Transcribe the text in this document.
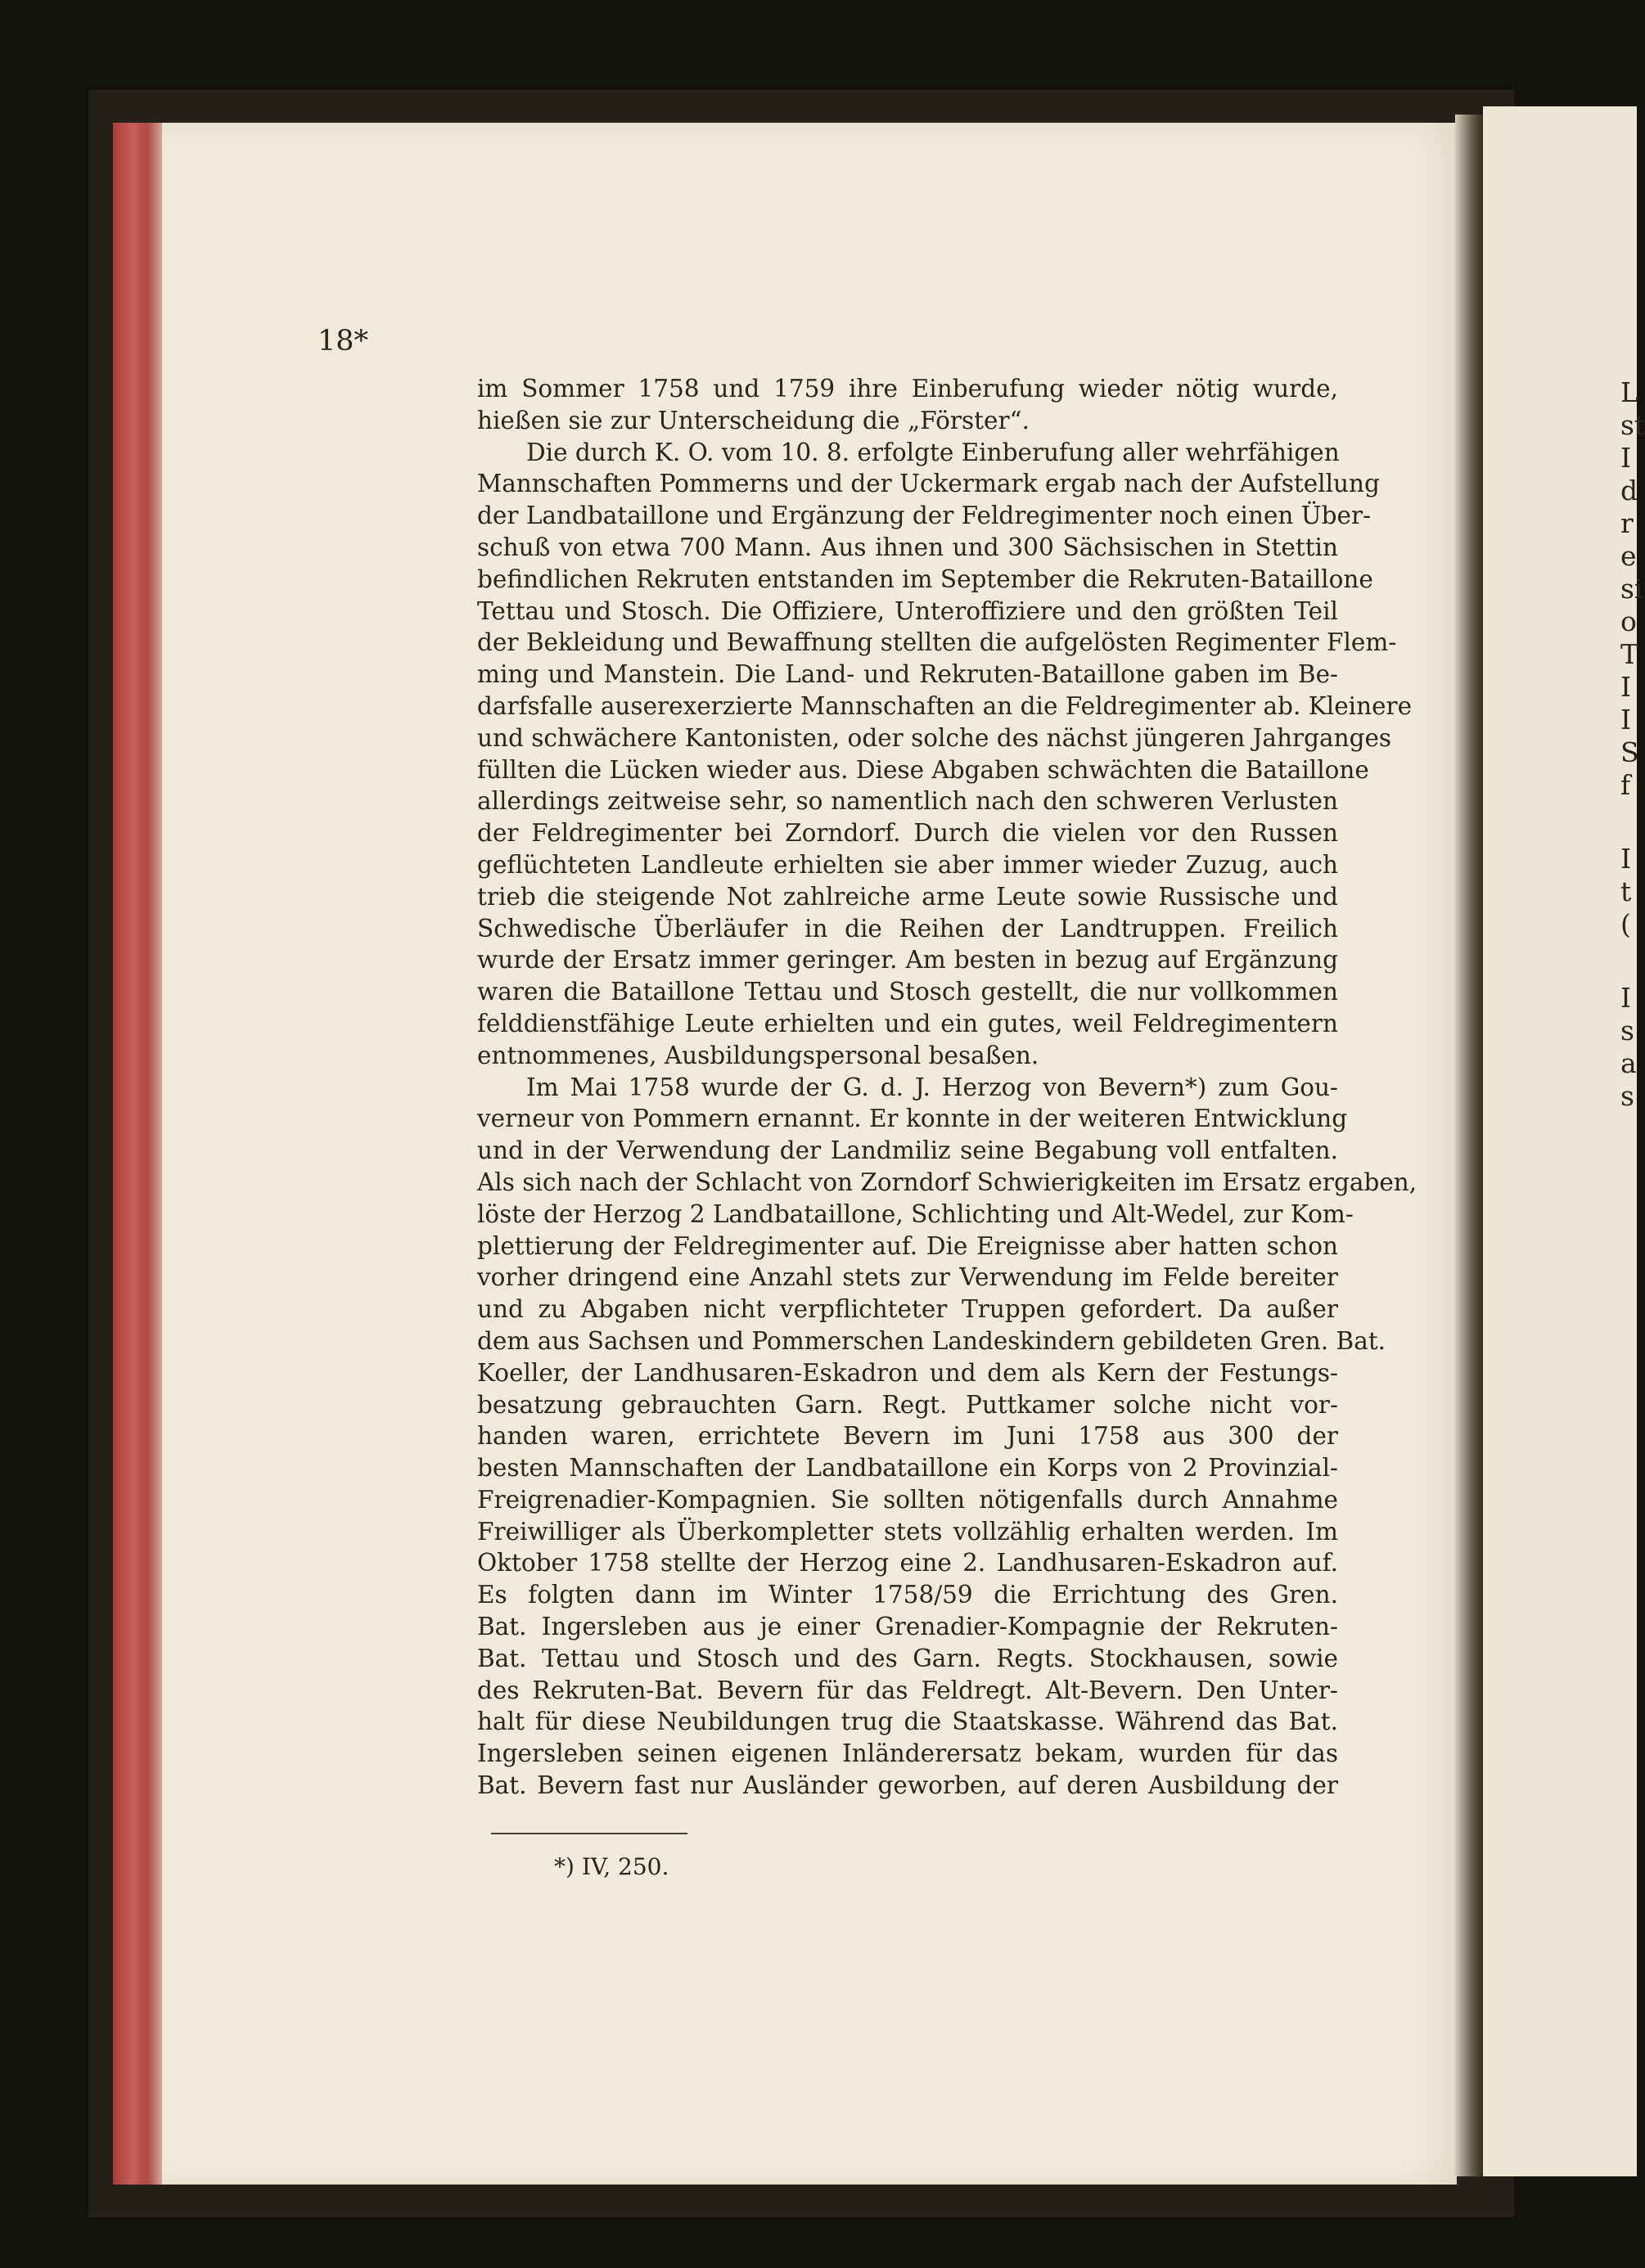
18*
im Sommer 1758 und 1759 ihre Einberufung wieder nötig wurde,
hießen sie zur Unterscheidung die „Förster“.
Die durch K. O. vom 10. 8. erfolgte Einberufung aller wehrfähigen
Mannschaften Pommerns und der Uckermark ergab nach der Aufstellung
der Landbataillone und Ergänzung der Feldregimenter noch einen Über-
schuß von etwa 700 Mann. Aus ihnen und 300 Sächsischen in Stettin
befindlichen Rekruten entstanden im September die Rekruten-Bataillone
Tettau und Stosch. Die Offiziere, Unteroffiziere und den größten Teil
der Bekleidung und Bewaffnung stellten die aufgelösten Regimenter Flem-
ming und Manstein. Die Land- und Rekruten-Bataillone gaben im Be-
darfsfalle auserexerzierte Mannschaften an die Feldregimenter ab. Kleinere
und schwächere Kantonisten, oder solche des nächst jüngeren Jahrganges
füllten die Lücken wieder aus. Diese Abgaben schwächten die Bataillone
allerdings zeitweise sehr, so namentlich nach den schweren Verlusten
der Feldregimenter bei Zorndorf. Durch die vielen vor den Russen
geflüchteten Landleute erhielten sie aber immer wieder Zuzug, auch
trieb die steigende Not zahlreiche arme Leute sowie Russische und
Schwedische Überläufer in die Reihen der Landtruppen. Freilich
wurde der Ersatz immer geringer. Am besten in bezug auf Ergänzung
waren die Bataillone Tettau und Stosch gestellt, die nur vollkommen
felddienstfähige Leute erhielten und ein gutes, weil Feldregimentern
entnommenes, Ausbildungspersonal besaßen.
Im Mai 1758 wurde der G. d. J. Herzog von Bevern*) zum Gou-
verneur von Pommern ernannt. Er konnte in der weiteren Entwicklung
und in der Verwendung der Landmiliz seine Begabung voll entfalten.
Als sich nach der Schlacht von Zorndorf Schwierigkeiten im Ersatz ergaben,
löste der Herzog 2 Landbataillone, Schlichting und Alt-Wedel, zur Kom-
plettierung der Feldregimenter auf. Die Ereignisse aber hatten schon
vorher dringend eine Anzahl stets zur Verwendung im Felde bereiter
und zu Abgaben nicht verpflichteter Truppen gefordert. Da außer
dem aus Sachsen und Pommerschen Landeskindern gebildeten Gren. Bat.
Koeller, der Landhusaren-Eskadron und dem als Kern der Festungs-
besatzung gebrauchten Garn. Regt. Puttkamer solche nicht vor-
handen waren, errichtete Bevern im Juni 1758 aus 300 der
besten Mannschaften der Landbataillone ein Korps von 2 Provinzial-
Freigrenadier-Kompagnien. Sie sollten nötigenfalls durch Annahme
Freiwilliger als Überkompletter stets vollzählig erhalten werden. Im
Oktober 1758 stellte der Herzog eine 2. Landhusaren-Eskadron auf.
Es folgten dann im Winter 1758/59 die Errichtung des Gren.
Bat. Ingersleben aus je einer Grenadier-Kompagnie der Rekruten-
Bat. Tettau und Stosch und des Garn. Regts. Stockhausen, sowie
des Rekruten-Bat. Bevern für das Feldregt. Alt-Bevern. Den Unter-
halt für diese Neubildungen trug die Staatskasse. Während das Bat.
Ingersleben seinen eigenen Inländerersatz bekam, wurden für das
Bat. Bevern fast nur Ausländer geworben, auf deren Ausbildung der
*) IV, 250.
L
st
I
d
r
e
si
o
T
I
I
S
f
I
t
(
I
s
a
s
